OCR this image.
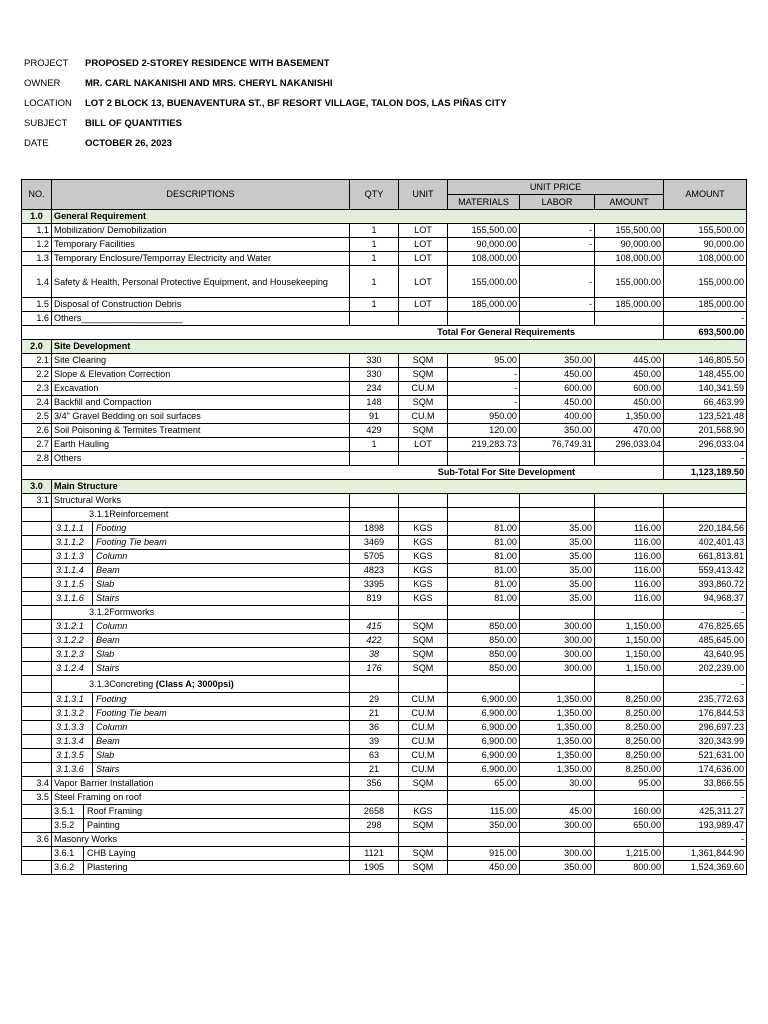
PROJECT	PROPOSED 2-STOREY RESIDENCE WITH BASEMENT
OWNER	MR. CARL NAKANISHI AND MRS. CHERYL NAKANISHI
LOCATION	LOT 2 BLOCK 13, BUENAVENTURA ST., BF RESORT VILLAGE, TALON DOS, LAS PIÑAS CITY
SUBJECT	BILL OF QUANTITIES
DATE	OCTOBER 26, 2023
NO.	DESCRIPTIONS	QTY	UNIT	UNIT PRICE			AMOUNT
				MATERIALS	LABOR	AMOUNT	
1.0	General Requirement						
1.1	Mobilization/ Demobilization	1	LOT	155,500.00	-	155,500.00	155,500.00
1.2	Temporary Facilities	1	LOT	90,000.00	-	90,000.00	90,000.00
1.3	Temporary Enclosure/Temporray Electricity and Water	1	LOT	108,000.00		108,000.00	108,000.00
1.4	Safety & Health, Personal Protective Equipment, and Housekeeping	1	LOT	155,000.00	-	155,000.00	155,000.00
1.5	Disposal of Construction Debris	1	LOT	185,000.00	-	185,000.00	185,000.00
1.6	Others____________________						-
Total For General Requirements							693,500.00
2.0	Site Development						
2.1	Site Clearing	330	SQM	95.00	350.00	445.00	146,805.50
2.2	Slope & Elevation Correction	330	SQM	-	450.00	450.00	148,455.00
2.3	Excavation	234	CU.M	-	600.00	600.00	140,341.59
2.4	Backfill and Compaction	148	SQM	-	450.00	450.00	66,463.99
2.5	3/4" Gravel Bedding on soil surfaces	91	CU.M	950.00	400.00	1,350.00	123,521.48
2.6	Soil Poisoning & Termites Treatment	429	SQM	120.00	350.00	470.00	201,568.90
2.7	Earth Hauling	1	LOT	219,283.73	76,749.31	296,033.04	296,033.04
2.8	Others						-
Sub-Total For Site Development							1,123,189.50
3.0	Main Structure						
3.1	Structural Works						
	3.1.1Reinforcement						
	3.1.1.1 Footing	1898	KGS	81.00	35.00	116.00	220,184.56
	3.1.1.2 Footing Tie beam	3469	KGS	81.00	35.00	116.00	402,401.43
	3.1.1.3 Column	5705	KGS	81.00	35.00	116.00	661,813.81
	3.1.1.4 Beam	4823	KGS	81.00	35.00	116.00	559,413.42
	3.1.1.5 Slab	3395	KGS	81.00	35.00	116.00	393,860.72
	3.1.1.6 Stairs	819	KGS	81.00	35.00	116.00	94,968.37
	3.1.2Formworks						-
	3.1.2.1 Column	415	SQM	850.00	300.00	1,150.00	476,825.65
	3.1.2.2 Beam	422	SQM	850.00	300.00	1,150.00	485,645.00
	3.1.2.3 Slab	38	SQM	850.00	300.00	1,150.00	43,640.95
	3.1.2.4 Stairs	176	SQM	850.00	300.00	1,150.00	202,239.00
	3.1.3Concreting (Class A; 3000psi)						-
	3.1.3.1 Footing	29	CU.M	6,900.00	1,350.00	8,250.00	235,772.63
	3.1.3.2 Footing Tie beam	21	CU.M	6,900.00	1,350.00	8,250.00	176,844.53
	3.1.3.3 Column	36	CU.M	6,900.00	1,350.00	8,250.00	296,697.23
	3.1.3.4 Beam	39	CU.M	6,900.00	1,350.00	8,250.00	320,343.99
	3.1.3.5 Slab	63	CU.M	6,900.00	1,350.00	8,250.00	521,631.00
	3.1.3.6 Stairs	21	CU.M	6,900.00	1,350.00	8,250.00	174,636.00
3.4	Vapor Barrier Installation	356	SQM	65.00	30.00	95.00	33,866.55
3.5	Steel Framing on roof						-
	3.5.1 Roof Framing	2658	KGS	115.00	45.00	160.00	425,311.27
	3.5.2 Painting	298	SQM	350.00	300.00	650.00	193,989.47
3.6	Masonry Works						-
	3.6.1 CHB Laying	1121	SQM	915.00	300.00	1,215.00	1,361,844.90
	3.6.2 Plastering	1905	SQM	450.00	350.00	800.00	1,524,369.60
